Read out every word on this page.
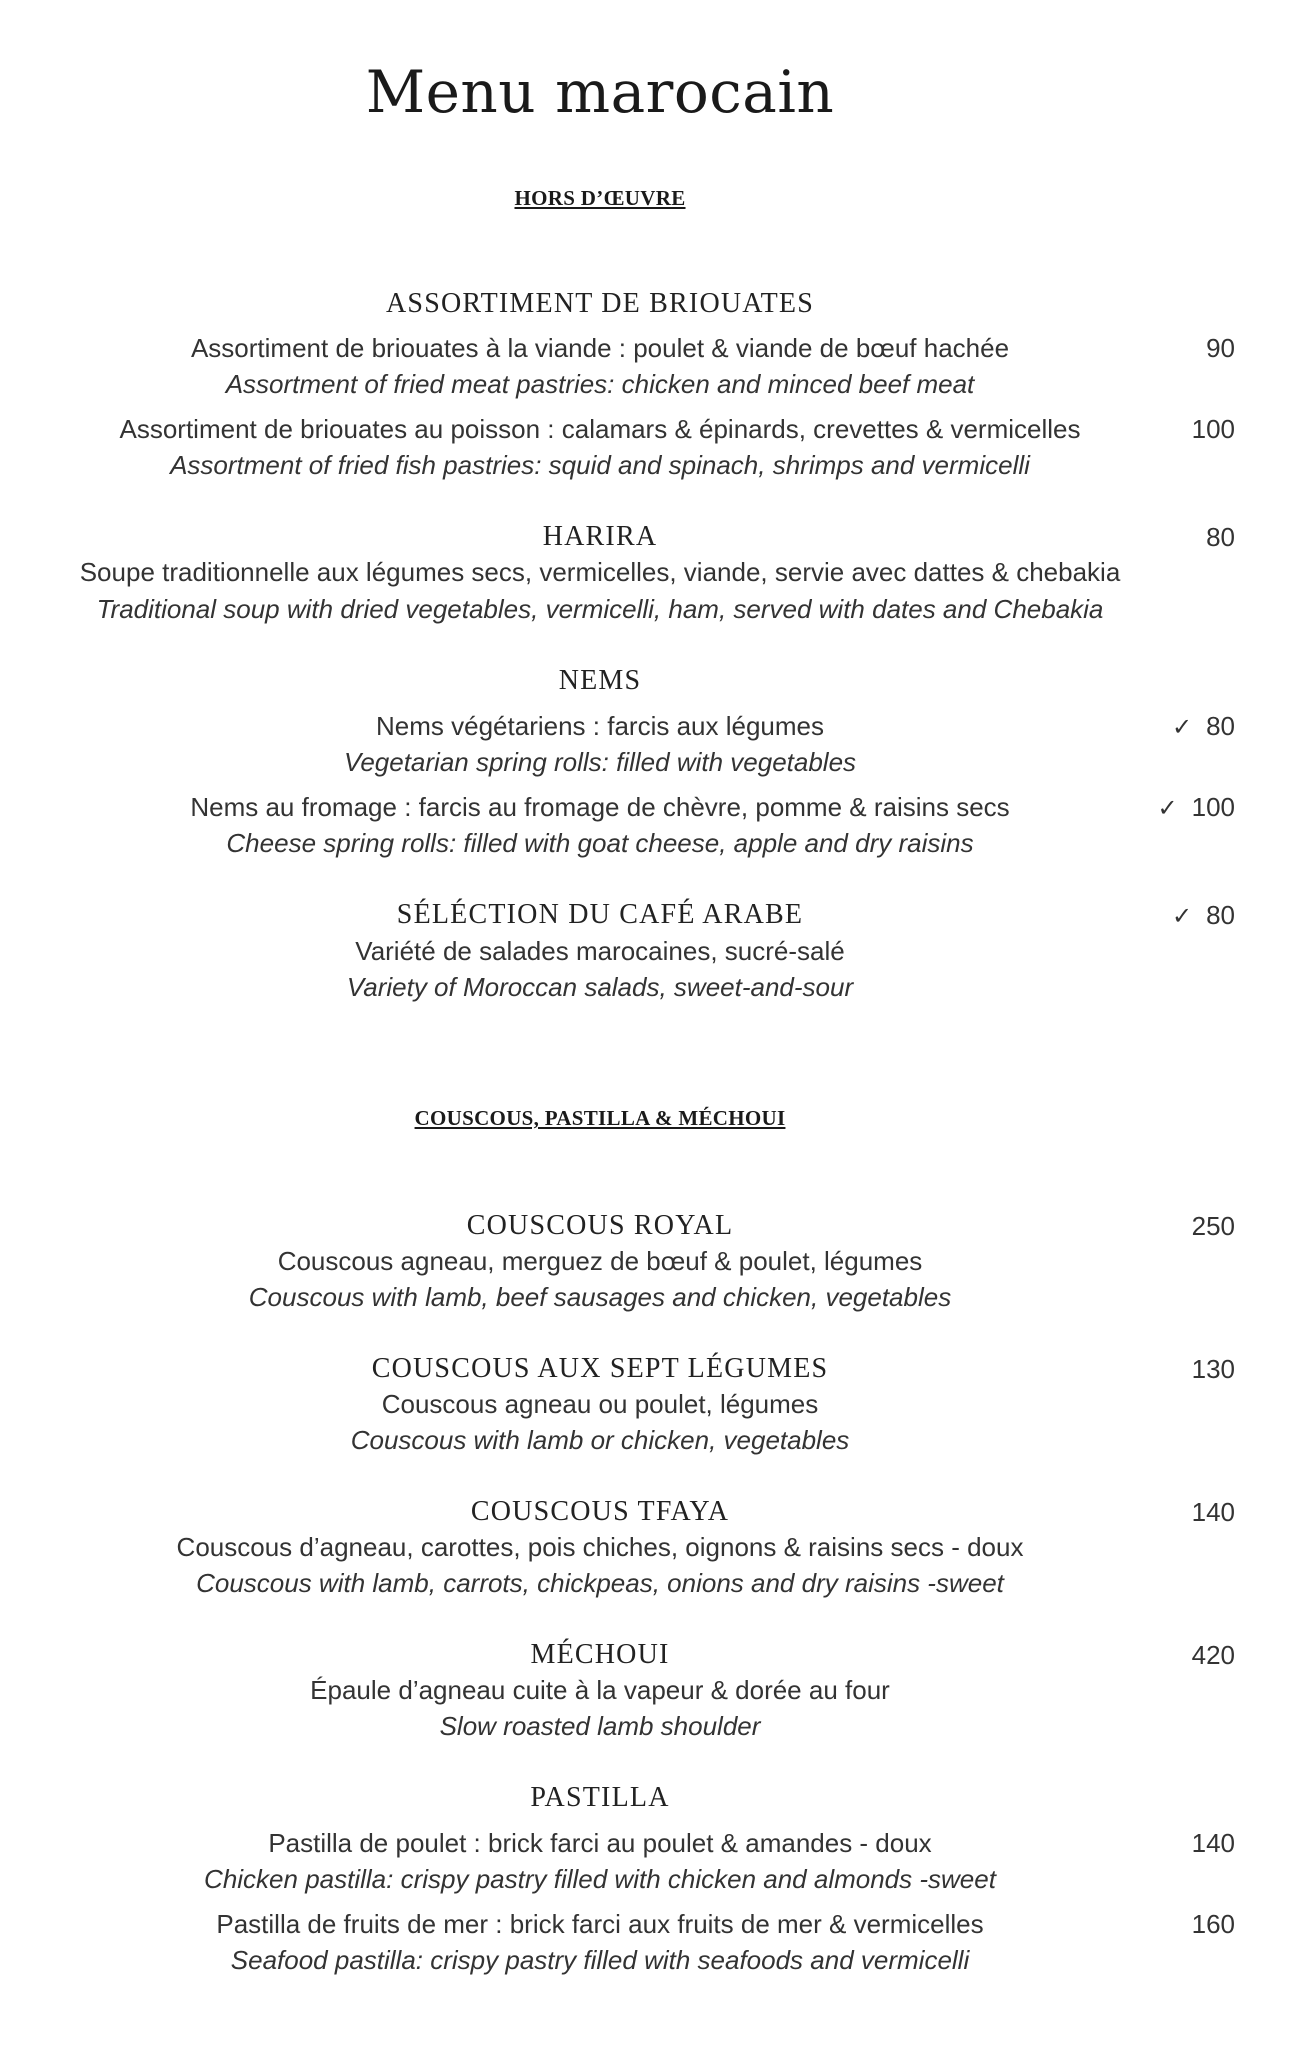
Menu marocain
HORS D’ŒUVRE
ASSORTIMENT DE BRIOUATES
Assortiment de briouates à la viande : poulet & viande de bœuf hachée	90
Assortment of fried meat pastries: chicken and minced beef meat
Assortiment de briouates au poisson : calamars & épinards, crevettes & vermicelles	100
Assortment of fried fish pastries: squid and spinach, shrimps and vermicelli
HARIRA	80
Soupe traditionnelle aux légumes secs, vermicelles, viande, servie avec dattes & chebakia
Traditional soup with dried vegetables, vermicelli, ham, served with dates and Chebakia
NEMS
Nems végétariens : farcis aux légumes	✓ 80
Vegetarian spring rolls: filled with vegetables
Nems au fromage : farcis au fromage de chèvre, pomme & raisins secs	✓ 100
Cheese spring rolls: filled with goat cheese, apple and dry raisins
SÉLÉCTION DU CAFÉ ARABE	✓ 80
Variété de salades marocaines, sucré-salé
Variety of Moroccan salads, sweet-and-sour
COUSCOUS, PASTILLA & MÉCHOUI
COUSCOUS ROYAL	250
Couscous agneau, merguez de bœuf & poulet, légumes
Couscous with lamb, beef sausages and chicken, vegetables
COUSCOUS AUX SEPT LÉGUMES	130
Couscous agneau ou poulet, légumes
Couscous with lamb or chicken, vegetables
COUSCOUS TFAYA	140
Couscous d’agneau, carottes, pois chiches, oignons & raisins secs - doux
Couscous with lamb, carrots, chickpeas, onions and dry raisins -sweet
MÉCHOUI	420
Épaule d’agneau cuite à la vapeur & dorée au four
Slow roasted lamb shoulder
PASTILLA
Pastilla de poulet : brick farci au poulet & amandes - doux	140
Chicken pastilla: crispy pastry filled with chicken and almonds -sweet
Pastilla de fruits de mer : brick farci aux fruits de mer & vermicelles	160
Seafood pastilla: crispy pastry filled with seafoods and vermicelli
